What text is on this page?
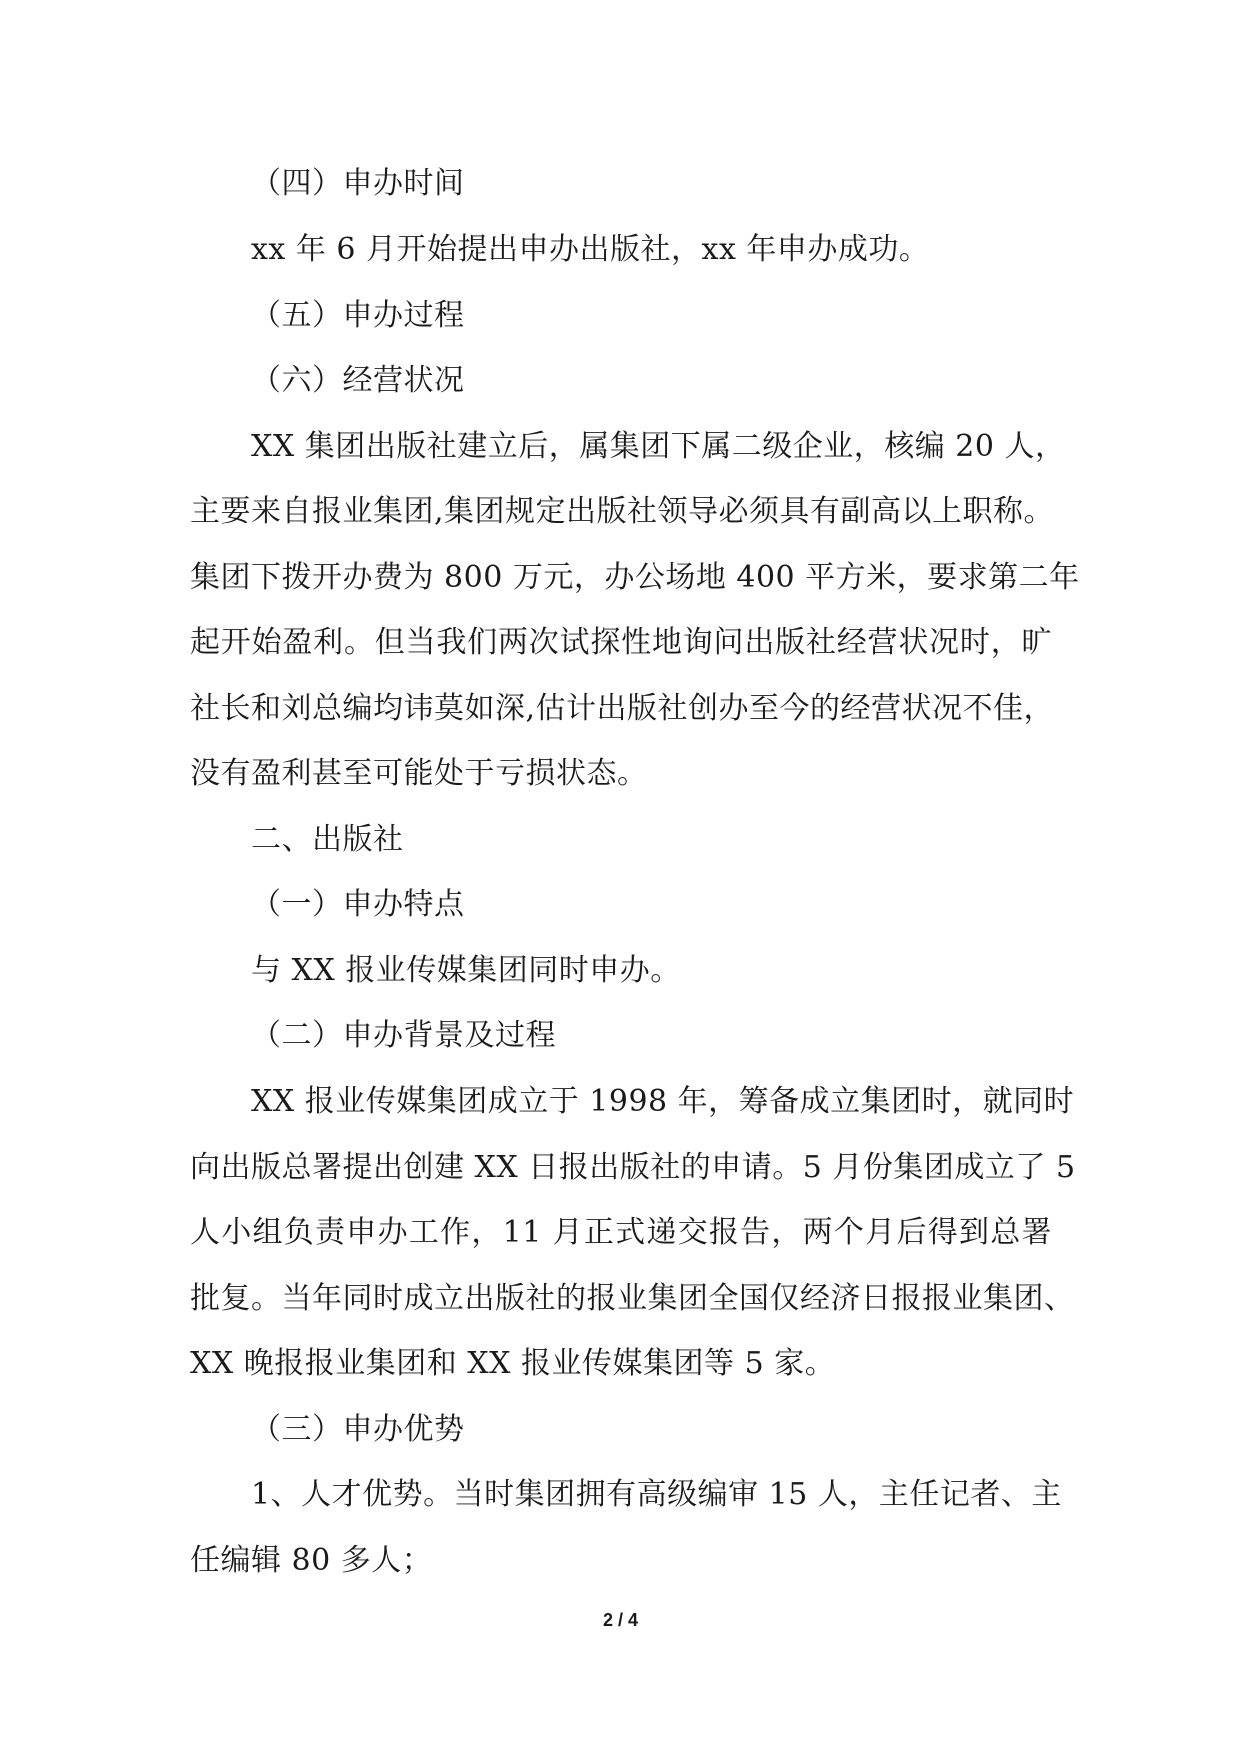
（四）申办时间
xx 年 6 月开始提出申办出版社，xx 年申办成功。
（五）申办过程
（六）经营状况
XX 集团出版社建立后，属集团下属二级企业，核编 20 人，
主要来自报业集团,集团规定出版社领导必须具有副高以上职称。
集团下拨开办费为 800 万元，办公场地 400 平方米，要求第二年
起开始盈利。但当我们两次试探性地询问出版社经营状况时，旷
社长和刘总编均讳莫如深,估计出版社创办至今的经营状况不佳，
没有盈利甚至可能处于亏损状态。
二、出版社
（一）申办特点
与 XX 报业传媒集团同时申办。
（二）申办背景及过程
XX 报业传媒集团成立于 1998 年，筹备成立集团时，就同时
向出版总署提出创建 XX 日报出版社的申请。5 月份集团成立了 5
人小组负责申办工作，11 月正式递交报告，两个月后得到总署
批复。当年同时成立出版社的报业集团全国仅经济日报报业集团、
XX 晚报报业集团和 XX 报业传媒集团等 5 家。
（三）申办优势
1、人才优势。当时集团拥有高级编审 15 人，主任记者、主
任编辑 80 多人；
2 / 4
